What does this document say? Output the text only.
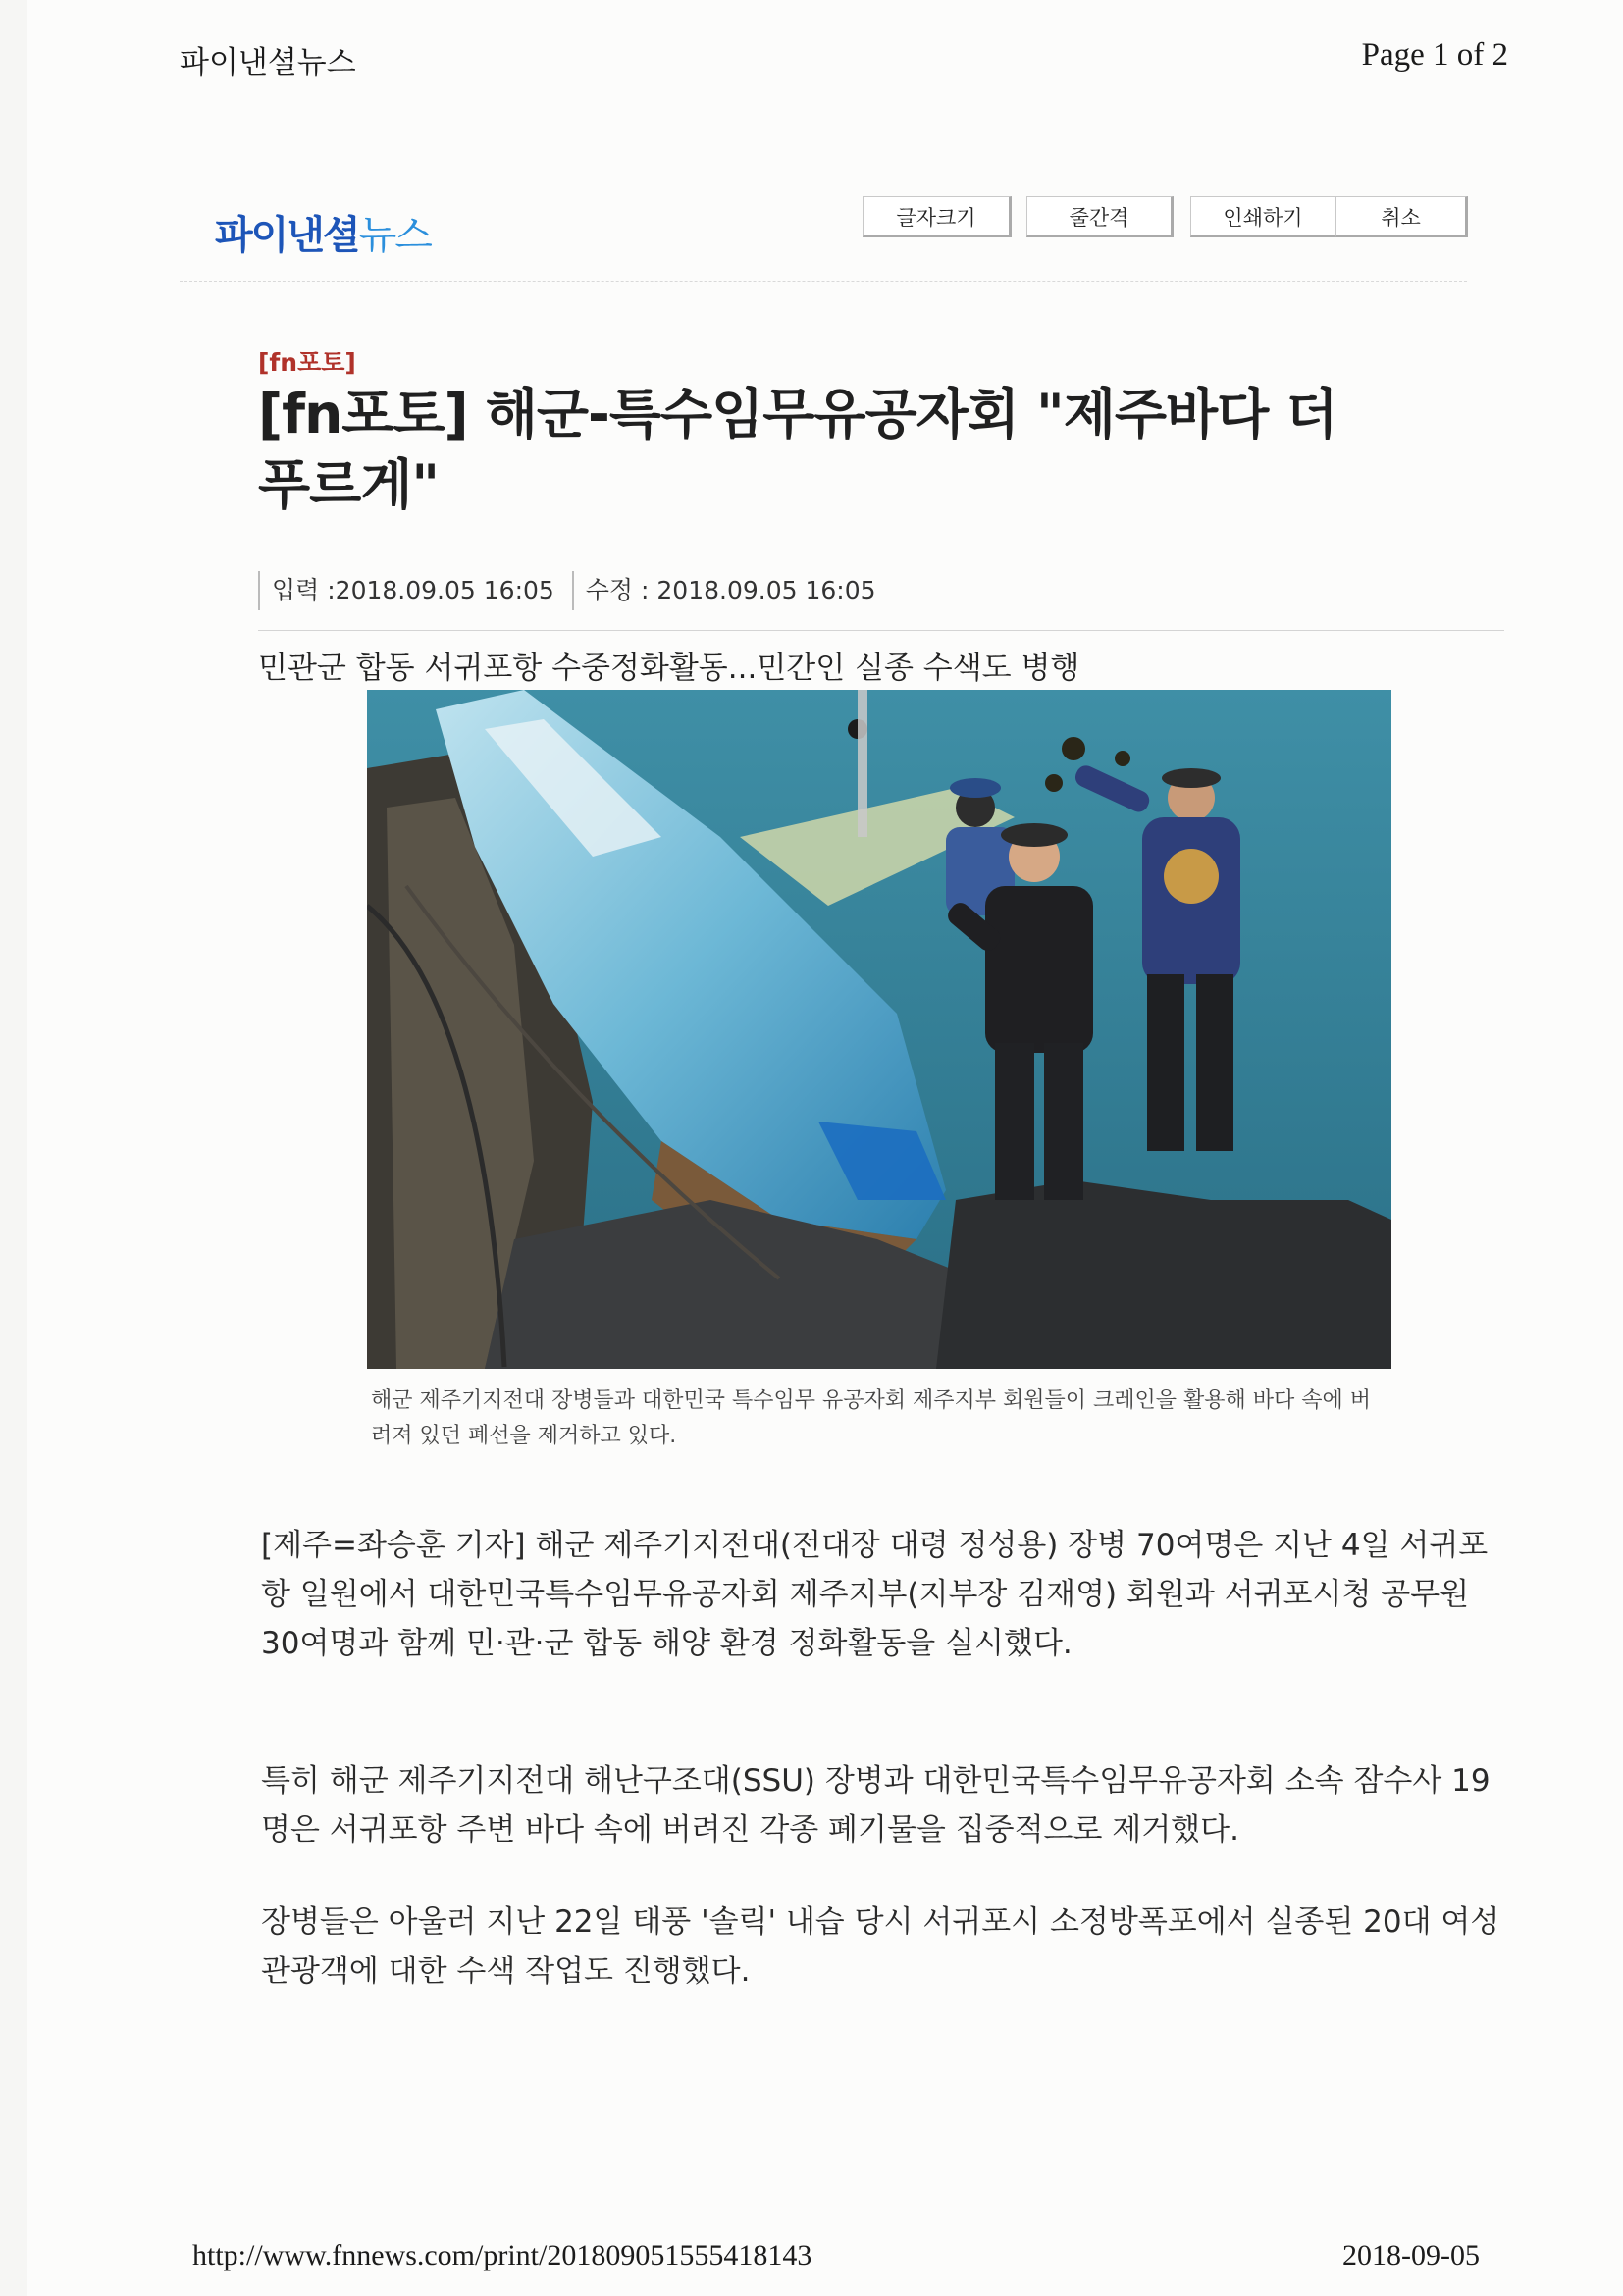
파이낸셜뉴스	Page 1 of 2
파이낸셜뉴스	글자크기	줄간격	인쇄하기	취소
[fn포토]
[fn포토] 해군-특수임무유공자회 "제주바다 더 푸르게"
입력 :2018.09.05 16:05 수정 : 2018.09.05 16:05
민관군 합동 서귀포항 수중정화활동...민간인 실종 수색도 병행
해군 제주기지전대 장병들과 대한민국 특수임무 유공자회 제주지부 회원들이 크레인을 활용해 바다 속에 버려져 있던 폐선을 제거하고 있다.

[제주=좌승훈 기자] 해군 제주기지전대(전대장 대령 정성용) 장병 70여명은 지난 4일 서귀포항 일원에서 대한민국특수임무유공자회 제주지부(지부장 김재영) 회원과 서귀포시청 공무원 30여명과 함께 민·관·군 합동 해양 환경 정화활동을 실시했다.

특히 해군 제주기지전대 해난구조대(SSU) 장병과 대한민국특수임무유공자회 소속 잠수사 19명은 서귀포항 주변 바다 속에 버려진 각종 폐기물을 집중적으로 제거했다.

장병들은 아울러 지난 22일 태풍 '솔릭' 내습 당시 서귀포시 소정방폭포에서 실종된 20대 여성 관광객에 대한 수색 작업도 진행했다.

http://www.fnnews.com/print/201809051555418143	2018-09-05
